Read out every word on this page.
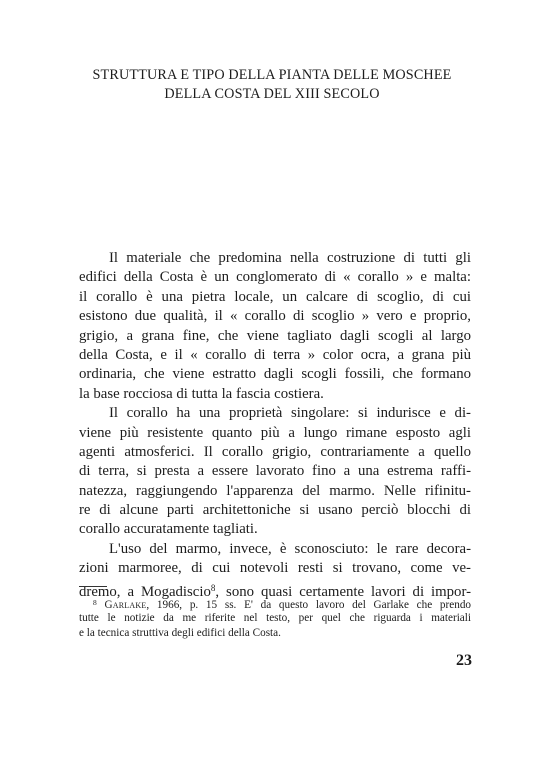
STRUTTURA E TIPO DELLA PIANTA DELLE MOSCHEE
DELLA COSTA DEL XIII SECOLO
Il materiale che predomina nella costruzione di tutti gli
edifici della Costa è un conglomerato di « corallo » e malta:
il corallo è una pietra locale, un calcare di scoglio, di cui
esistono due qualità, il « corallo di scoglio » vero e proprio,
grigio, a grana fine, che viene tagliato dagli scogli al largo
della Costa, e il « corallo di terra » color ocra, a grana più
ordinaria, che viene estratto dagli scogli fossili, che formano
la base rocciosa di tutta la fascia costiera.
Il corallo ha una proprietà singolare: si indurisce e di-
viene più resistente quanto più a lungo rimane esposto agli
agenti atmosferici. Il corallo grigio, contrariamente a quello
di terra, si presta a essere lavorato fino a una estrema raffi-
natezza, raggiungendo l'apparenza del marmo. Nelle rifinitu-
re di alcune parti architettoniche si usano perciò blocchi di
corallo accuratamente tagliati.
L'uso del marmo, invece, è sconosciuto: le rare decora-
zioni marmoree, di cui notevoli resti si trovano, come ve-
dremo, a Mogadiscio$^8$, sono quasi certamente lavori di impor-
$^8$ Garlake, 1966, p. 15 ss. E' da questo lavoro del Garlake che prendo
tutte le notizie da me riferite nel testo, per quel che riguarda i materiali
e la tecnica struttiva degli edifici della Costa.
23
